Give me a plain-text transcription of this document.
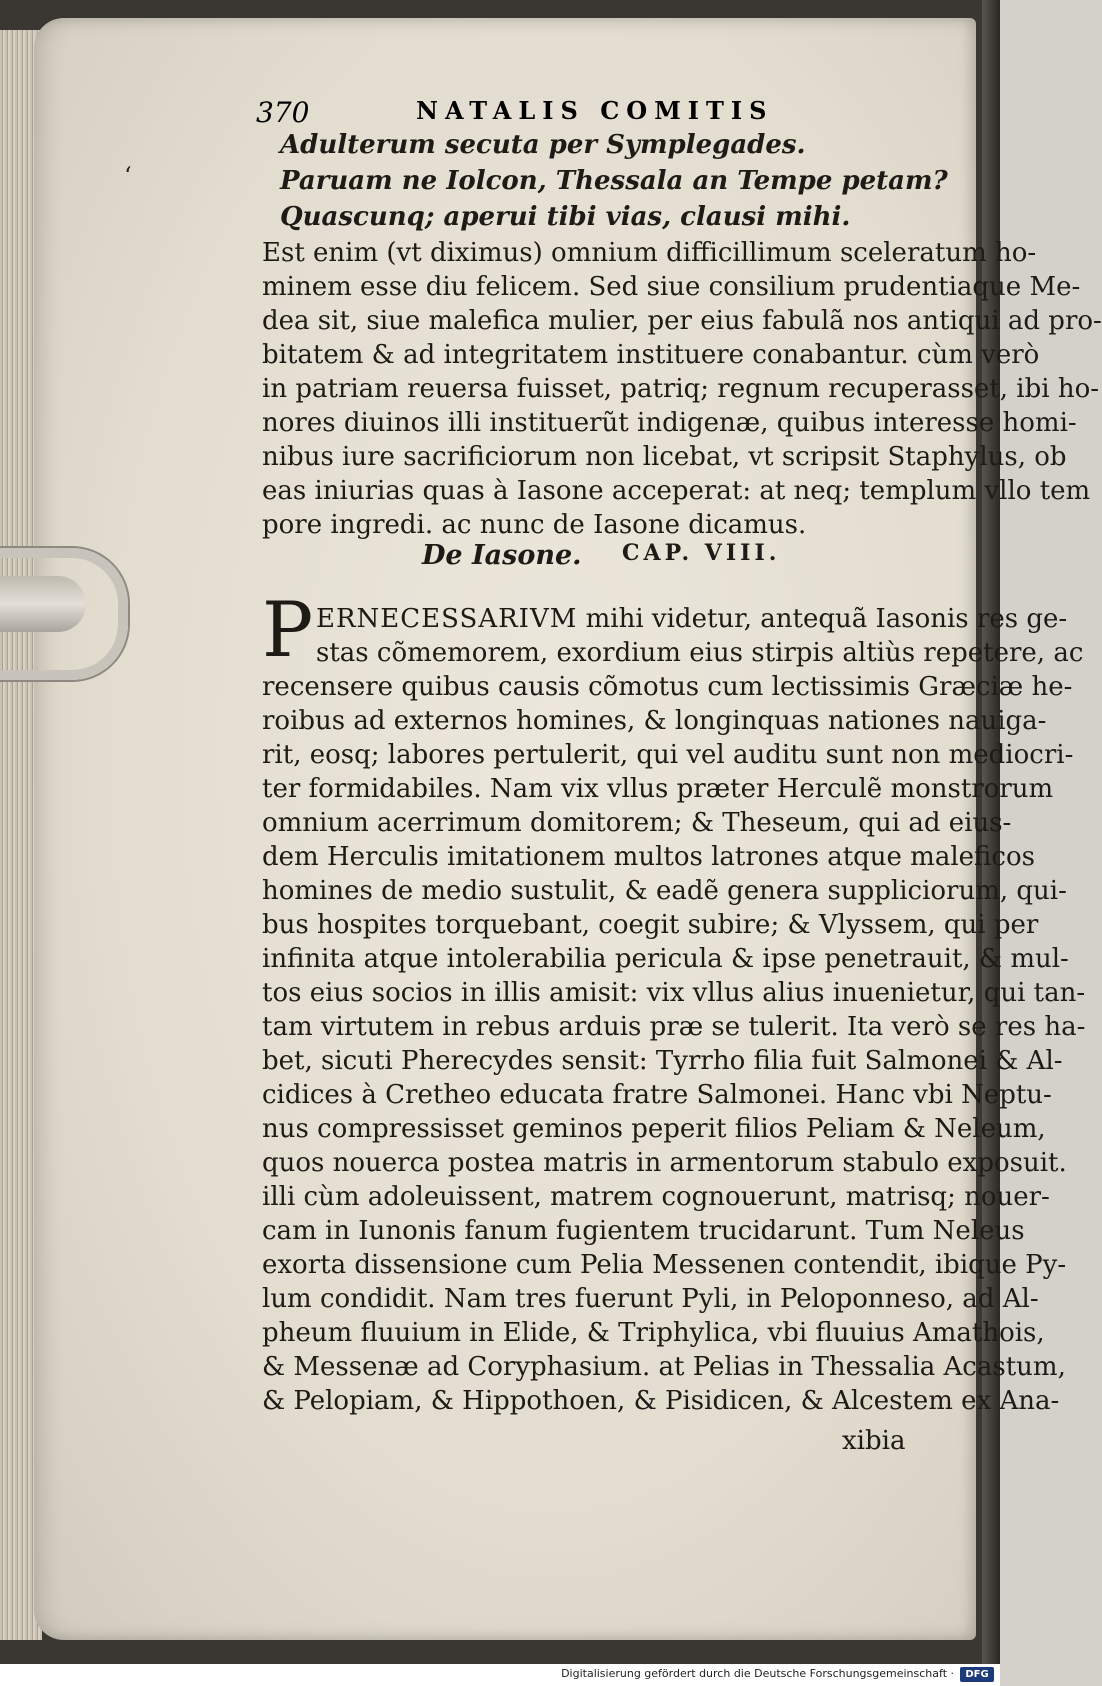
370	NATALIS COMITIS
‘
Adulterum secuta per Symplegades.
Paruam ne Iolcon, Thessala an Tempe petam?
Quascunq; aperui tibi vias, clausi mihi.
Est enim (vt diximus) omnium difficillimum sceleratum ho-
minem esse diu felicem. Sed siue consilium prudentiaque Me-
dea sit, siue malefica mulier, per eius fabulã nos antiqui ad pro-
bitatem & ad integritatem instituere conabantur. cùm verò
in patriam reuersa fuisset, patriq; regnum recuperasset, ibi ho-
nores diuinos illi instituerũt indigenæ, quibus interesse homi-
nibus iure sacrificiorum non licebat, vt scripsit Staphylus, ob
eas iniurias quas à Iasone acceperat: at neq; templum vllo tem
pore ingredi. ac nunc de Iasone dicamus.
De Iasone. CAP. VIII.
P ERNECESSARIVM mihi videtur, antequã Iasonis res ge-
stas cõmemorem, exordium eius stirpis altiùs repetere, ac
recensere quibus causis cõmotus cum lectissimis Græciæ he-
roibus ad externos homines, & longinquas nationes nauiga-
rit, eosq; labores pertulerit, qui vel auditu sunt non mediocri-
ter formidabiles. Nam vix vllus præter Herculẽ monstrorum
omnium acerrimum domitorem; & Theseum, qui ad eius-
dem Herculis imitationem multos latrones atque maleficos
homines de medio sustulit, & eadẽ genera suppliciorum, qui-
bus hospites torquebant, coegit subire; & Vlyssem, qui per
infinita atque intolerabilia pericula & ipse penetrauit, & mul-
tos eius socios in illis amisit: vix vllus alius inuenietur, qui tan-
tam virtutem in rebus arduis præ se tulerit. Ita verò se res ha-
bet, sicuti Pherecydes sensit: Tyrrho filia fuit Salmonei & Al-
cidices à Cretheo educata fratre Salmonei. Hanc vbi Neptu-
nus compressisset geminos peperit filios Peliam & Neleum,
quos nouerca postea matris in armentorum stabulo exposuit.
illi cùm adoleuissent, matrem cognouerunt, matrisq; nouer-
cam in Iunonis fanum fugientem trucidarunt. Tum Neleus
exorta dissensione cum Pelia Messenen contendit, ibique Py-
lum condidit. Nam tres fuerunt Pyli, in Peloponneso, ad Al-
pheum fluuium in Elide, & Triphylica, vbi fluuius Amathois,
& Messenæ ad Coryphasium. at Pelias in Thessalia Acastum,
& Pelopiam, & Hippothoen, & Pisidicen, & Alcestem ex Ana-
xibia
Digitalisierung gefördert durch die Deutsche Forschungsgemeinschaft ·	DFG
